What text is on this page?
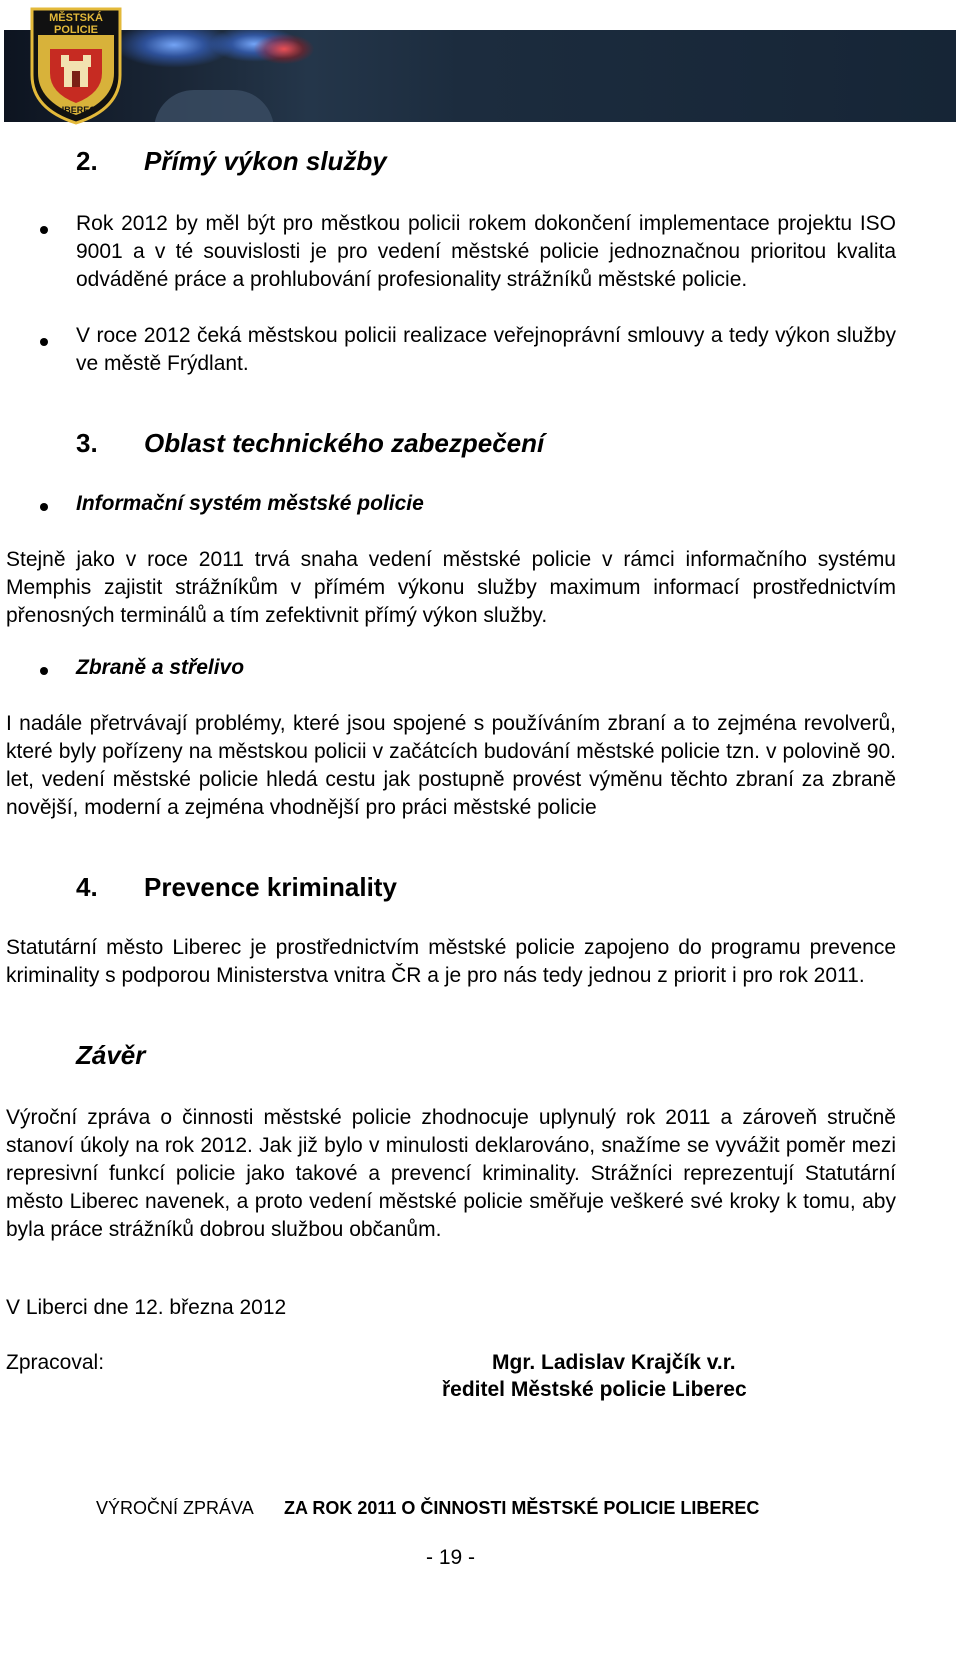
MĚSTSKÁ
POLICIE
LIBEREC
2. Přímý výkon služby

Rok 2012 by měl být pro městkou policii rokem dokončení implementace projektu ISO 9001 a v té souvislosti je pro vedení městské policie jednoznačnou prioritou kvalita odváděné práce a prohlubování profesionality strážníků městské policie.

V roce 2012 čeká městskou policii realizace veřejnoprávní smlouvy a tedy výkon služby ve městě Frýdlant.

3. Oblast technického zabezpečení
Informační systém městské policie

Stejně jako v roce 2011 trvá snaha vedení městské policie v rámci informačního systému Memphis zajistit strážníkům v přímém výkonu služby maximum informací prostřednictvím přenosných terminálů a tím zefektivnit přímý výkon služby.

Zbraně a střelivo

I nadále přetrvávají problémy, které jsou spojené s používáním zbraní a to zejména revolverů, které byly pořízeny na městskou policii v začátcích budování městské policie tzn. v polovině 90. let, vedení městské policie hledá cestu jak postupně provést výměnu těchto zbraní za zbraně novější, moderní a zejména vhodnější pro práci městské policie

4. Prevence kriminality

Statutární město Liberec je prostřednictvím městské policie zapojeno do programu prevence kriminality s podporou Ministerstva vnitra ČR a je pro nás tedy jednou z priorit i pro rok 2011.

Závěr

Výroční zpráva o činnosti městské policie zhodnocuje uplynulý rok 2011 a zároveň stručně stanoví úkoly na rok 2012. Jak již bylo v minulosti deklarováno, snažíme se vyvážit poměr mezi represivní funkcí policie jako takové a prevencí kriminality. Strážníci reprezentují Statutární město Liberec navenek, a proto vedení městské policie směřuje veškeré své kroky k tomu, aby byla práce strážníků dobrou službou občanům.

V Liberci dne 12. března 2012
Zpracoval:	Mgr. Ladislav Krajčík v.r.
ředitel Městské policie Liberec
VÝROČNÍ ZPRÁVA ZA ROK 2011 O ČINNOSTI MĚSTSKÉ POLICIE LIBEREC
- 19 -
